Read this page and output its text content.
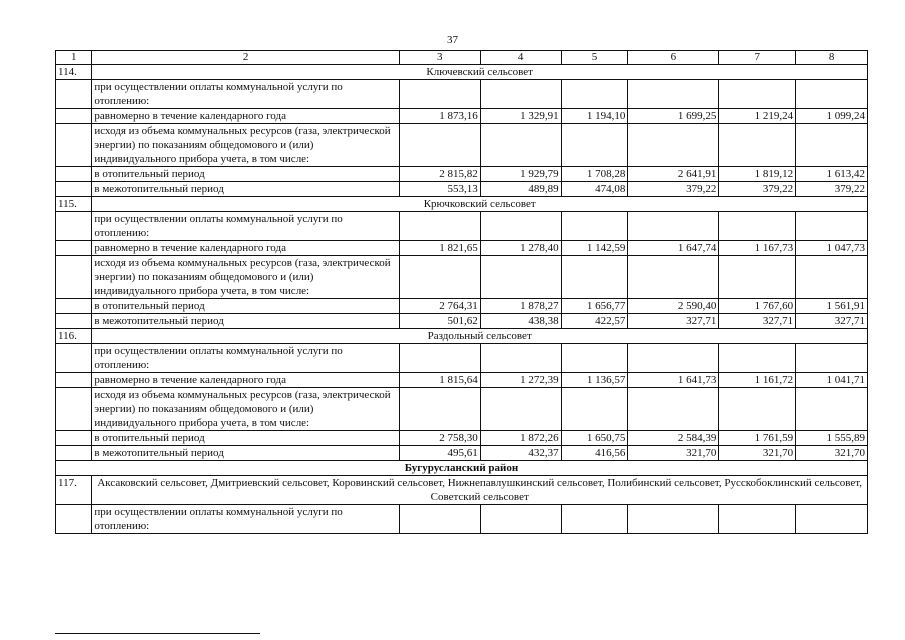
37
1	2	3	4	5	6	7	8
114.	Ключевский сельсовет						
	при осуществлении оплаты коммунальной услуги по отоплению:						
	равномерно в течение календарного года	1 873,16	1 329,91	1 194,10	1 699,25	1 219,24	1 099,24
	исходя из объема коммунальных ресурсов (газа, электрической энергии) по показаниям общедомового и (или) индивидуального прибора учета, в том числе:						
	в отопительный период	2 815,82	1 929,79	1 708,28	2 641,91	1 819,12	1 613,42
	в межотопительный период	553,13	489,89	474,08	379,22	379,22	379,22
115.	Крючковский сельсовет						
	при осуществлении оплаты коммунальной услуги по отоплению:						
	равномерно в течение календарного года	1 821,65	1 278,40	1 142,59	1 647,74	1 167,73	1 047,73
	исходя из объема коммунальных ресурсов (газа, электрической энергии) по показаниям общедомового и (или) индивидуального прибора учета, в том числе:						
	в отопительный период	2 764,31	1 878,27	1 656,77	2 590,40	1 767,60	1 561,91
	в межотопительный период	501,62	438,38	422,57	327,71	327,71	327,71
116.	Раздольный сельсовет						
	при осуществлении оплаты коммунальной услуги по отоплению:						
	равномерно в течение календарного года	1 815,64	1 272,39	1 136,57	1 641,73	1 161,72	1 041,71
	исходя из объема коммунальных ресурсов (газа, электрической энергии) по показаниям общедомового и (или) индивидуального прибора учета, в том числе:						
	в отопительный период	2 758,30	1 872,26	1 650,75	2 584,39	1 761,59	1 555,89
	в межотопительный период	495,61	432,37	416,56	321,70	321,70	321,70
Бугурусланский район							
117.	Аксаковский сельсовет, Дмитриевский сельсовет, Коровинский сельсовет, Нижнепавлушкинский сельсовет, Полибинский сельсовет, Русскобоклинский сельсовет, Советский сельсовет						
	при осуществлении оплаты коммунальной услуги по отоплению:						
